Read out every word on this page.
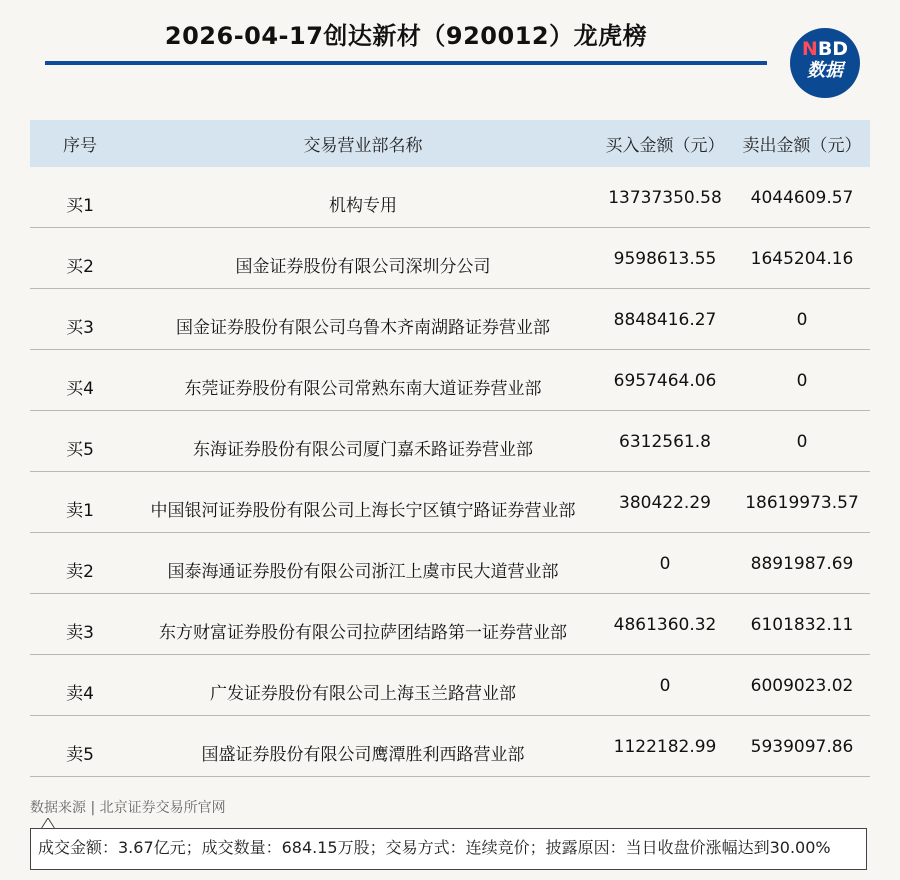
2026-04-17创达新材（920012）龙虎榜	NBD
数据
序号	交易营业部名称	买入金额（元）	卖出金额（元）
买1	机构专用	13737350.58	4044609.57
买2	国金证券股份有限公司深圳分公司	9598613.55	1645204.16
买3	国金证券股份有限公司乌鲁木齐南湖路证券营业部	8848416.27	0
买4	东莞证券股份有限公司常熟东南大道证券营业部	6957464.06	0
买5	东海证券股份有限公司厦门嘉禾路证券营业部	6312561.8	0
卖1	中国银河证券股份有限公司上海长宁区镇宁路证券营业部	380422.29	18619973.57
卖2	国泰海通证券股份有限公司浙江上虞市民大道营业部	0	8891987.69
卖3	东方财富证券股份有限公司拉萨团结路第一证券营业部	4861360.32	6101832.11
卖4	广发证券股份有限公司上海玉兰路营业部	0	6009023.02
卖5	国盛证券股份有限公司鹰潭胜利西路营业部	1122182.99	5939097.86
数据来源 | 北京证券交易所官网
成交金额：3.67亿元；成交数量：684.15万股；交易方式：连续竞价；披露原因：当日收盘价涨幅达到30.00%
